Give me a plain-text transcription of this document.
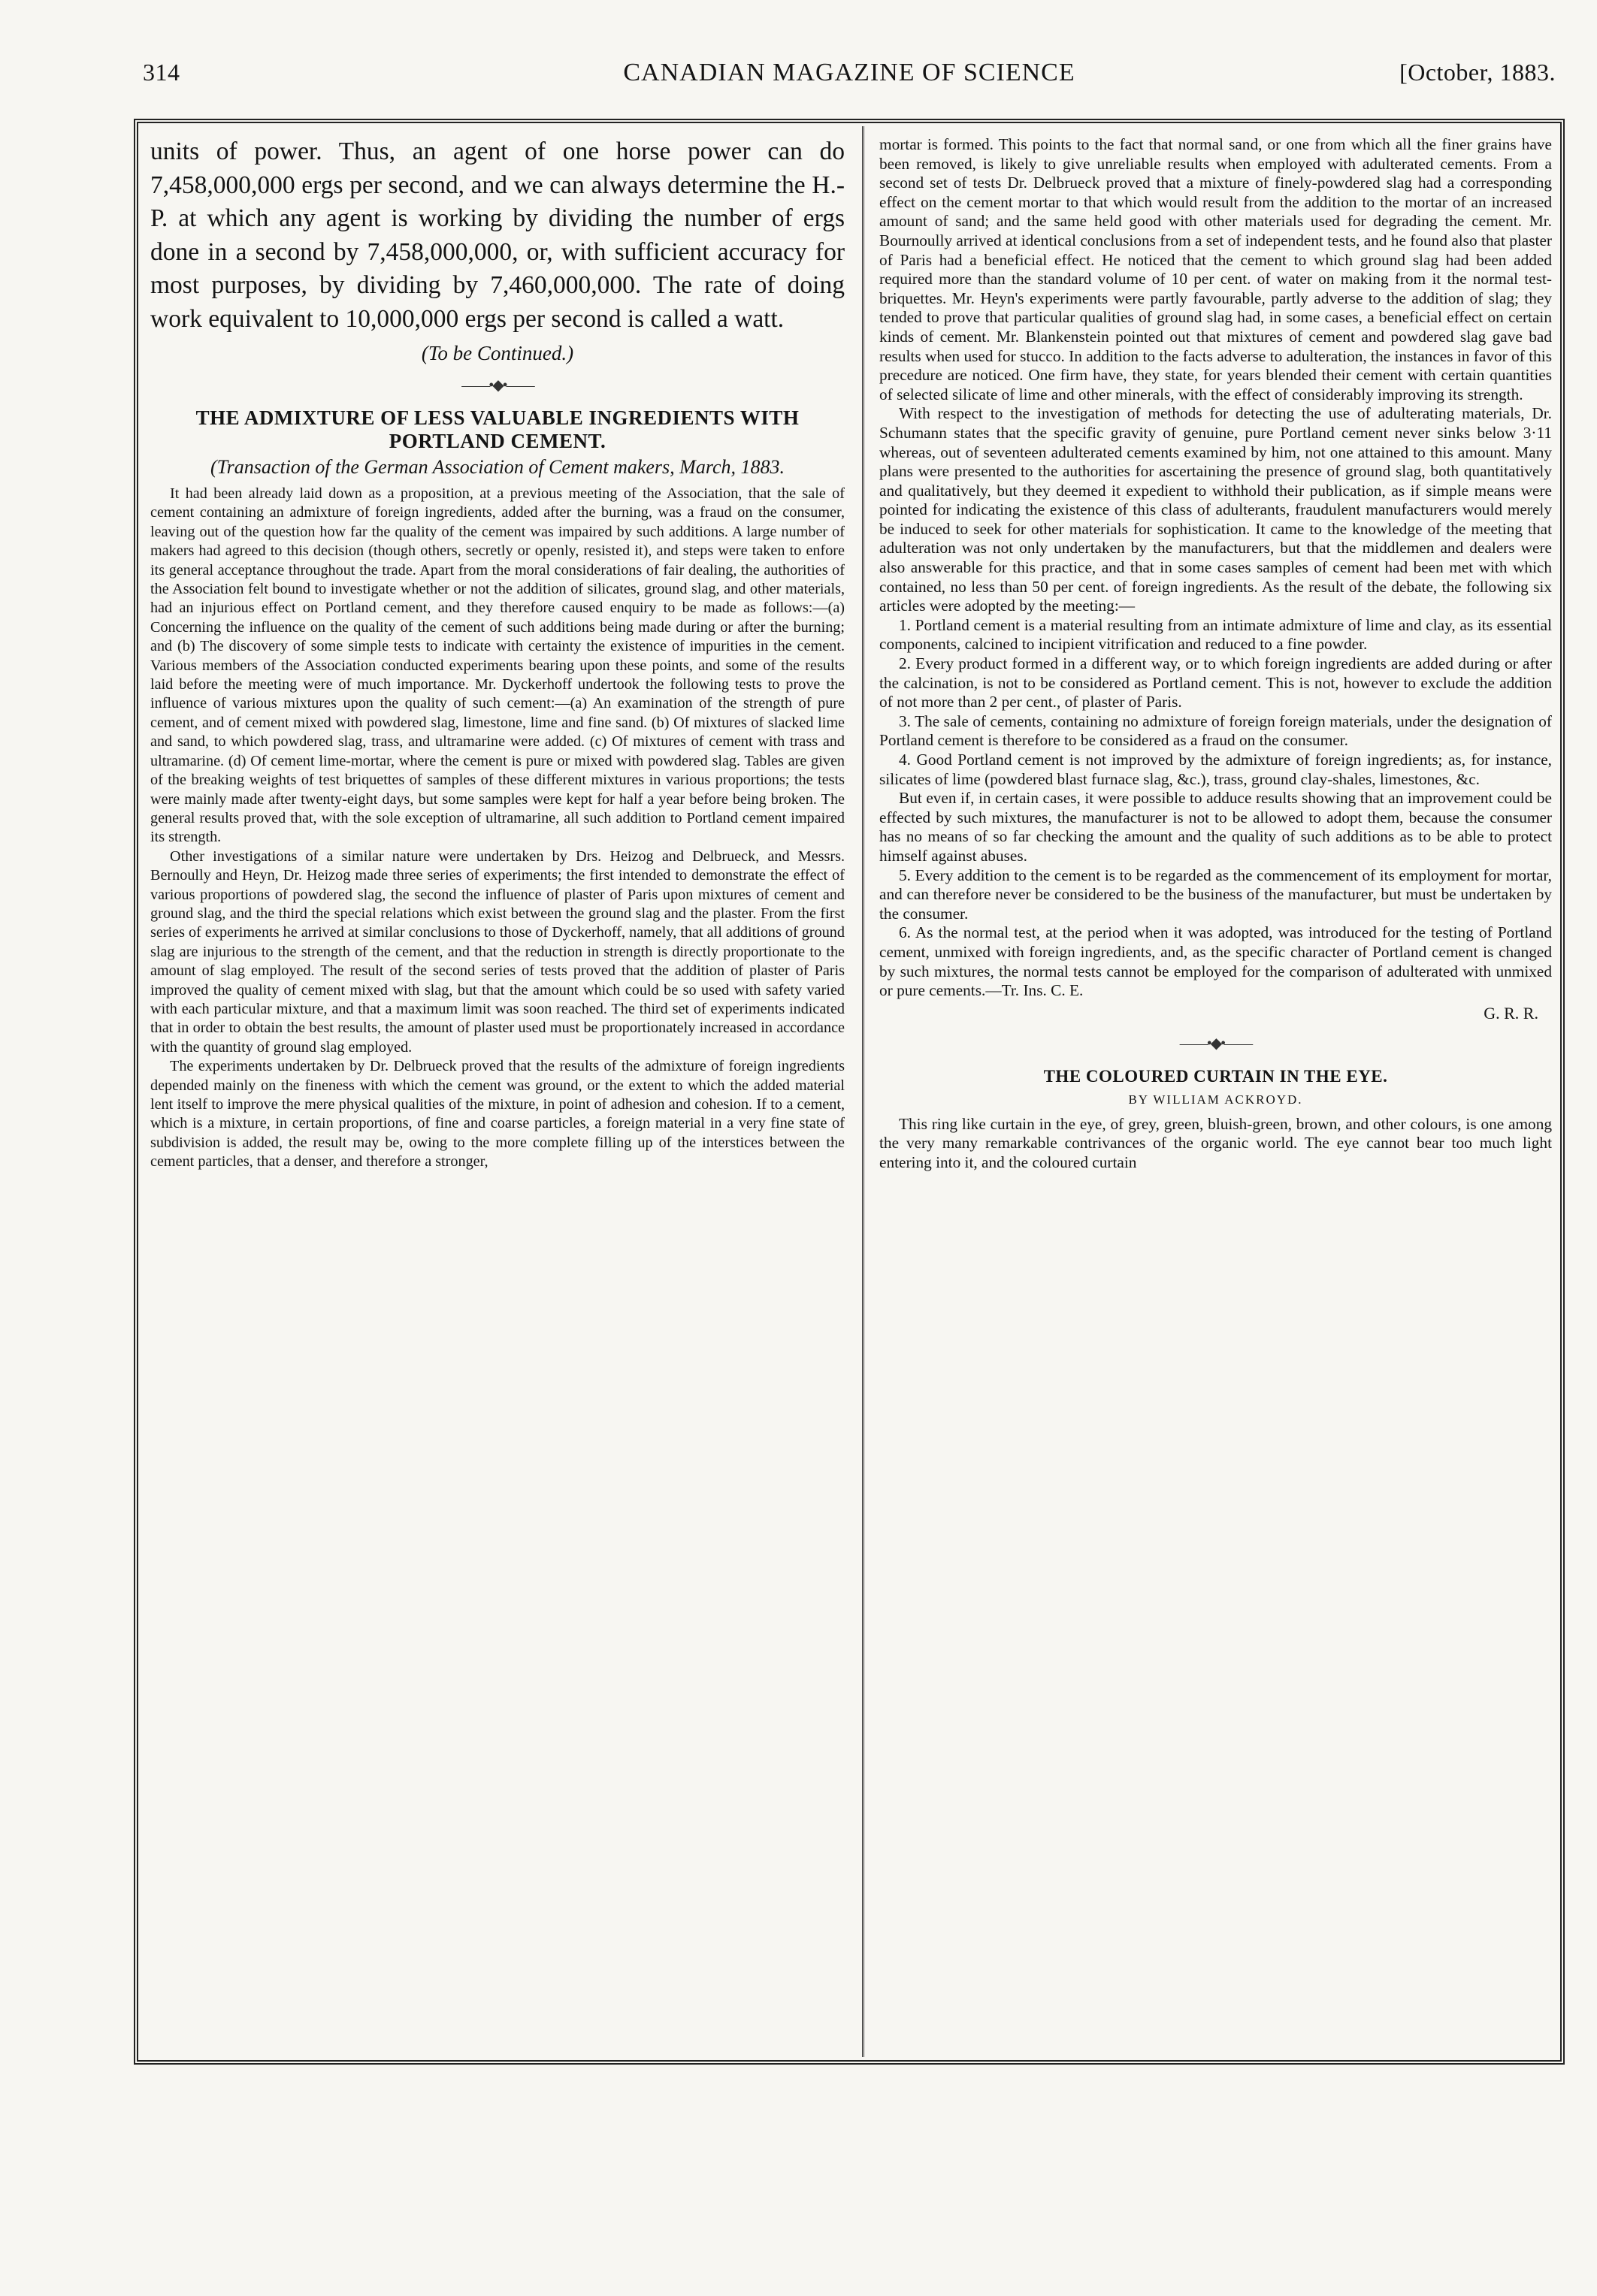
314	CANADIAN MAGAZINE OF SCIENCE	[October, 1883.

units of power. Thus, an agent of one horse power can do 7,458,000,000 ergs per second, and we can always determine the H.-P. at which any agent is working by dividing the number of ergs done in a second by 7,458,000,000, or, with sufficient accuracy for most purposes, by dividing by 7,460,000,000. The rate of doing work equivalent to 10,000,000 ergs per second is called a watt.

(To be Continued.)

——•◆•——
THE ADMIXTURE OF LESS VALUABLE INGREDIENTS WITH PORTLAND CEMENT.
(Transaction of the German Association of Cement makers, March, 1883.

It had been already laid down as a proposition, at a previous meeting of the Association, that the sale of cement containing an admixture of foreign ingredients, added after the burning, was a fraud on the consumer, leaving out of the question how far the quality of the cement was impaired by such additions. A large number of makers had agreed to this decision (though others, secretly or openly, resisted it), and steps were taken to enfore its general acceptance throughout the trade. Apart from the moral considerations of fair dealing, the authorities of the Association felt bound to investigate whether or not the addition of silicates, ground slag, and other materials, had an injurious effect on Portland cement, and they therefore caused enquiry to be made as follows:—(a) Concerning the influence on the quality of the cement of such additions being made during or after the burning; and (b) The discovery of some simple tests to indicate with certainty the existence of impurities in the cement. Various members of the Association conducted experiments bearing upon these points, and some of the results laid before the meeting were of much importance. Mr. Dyckerhoff undertook the following tests to prove the influence of various mixtures upon the quality of such cement:—(a) An examination of the strength of pure cement, and of cement mixed with powdered slag, limestone, lime and fine sand. (b) Of mixtures of slacked lime and sand, to which powdered slag, trass, and ultramarine were added. (c) Of mixtures of cement with trass and ultramarine. (d) Of cement lime-mortar, where the cement is pure or mixed with powdered slag. Tables are given of the breaking weights of test briquettes of samples of these different mixtures in various proportions; the tests were mainly made after twenty-eight days, but some samples were kept for half a year before being broken. The general results proved that, with the sole exception of ultramarine, all such addition to Portland cement impaired its strength.

Other investigations of a similar nature were undertaken by Drs. Heizog and Delbrueck, and Messrs. Bernoully and Heyn, Dr. Heizog made three series of experiments; the first intended to demonstrate the effect of various proportions of powdered slag, the second the influence of plaster of Paris upon mixtures of cement and ground slag, and the third the special relations which exist between the ground slag and the plaster. From the first series of experiments he arrived at similar conclusions to those of Dyckerhoff, namely, that all additions of ground slag are injurious to the strength of the cement, and that the reduction in strength is directly proportionate to the amount of slag employed. The result of the second series of tests proved that the addition of plaster of Paris improved the quality of cement mixed with slag, but that the amount which could be so used with safety varied with each particular mixture, and that a maximum limit was soon reached. The third set of experiments indicated that in order to obtain the best results, the amount of plaster used must be proportionately increased in accordance with the quantity of ground slag employed.

The experiments undertaken by Dr. Delbrueck proved that the results of the admixture of foreign ingredients depended mainly on the fineness with which the cement was ground, or the extent to which the added material lent itself to improve the mere physical qualities of the mixture, in point of adhesion and cohesion. If to a cement, which is a mixture, in certain proportions, of fine and coarse particles, a foreign material in a very fine state of subdivision is added, the result may be, owing to the more complete filling up of the interstices between the cement particles, that a denser, and therefore a stronger,

mortar is formed. This points to the fact that normal sand, or one from which all the finer grains have been removed, is likely to give unreliable results when employed with adulterated cements. From a second set of tests Dr. Delbrueck proved that a mixture of finely-powdered slag had a corresponding effect on the cement mortar to that which would result from the addition to the mortar of an increased amount of sand; and the same held good with other materials used for degrading the cement. Mr. Bournoully arrived at identical conclusions from a set of independent tests, and he found also that plaster of Paris had a beneficial effect. He noticed that the cement to which ground slag had been added required more than the standard volume of 10 per cent. of water on making from it the normal test-briquettes. Mr. Heyn's experiments were partly favourable, partly adverse to the addition of slag; they tended to prove that particular qualities of ground slag had, in some cases, a beneficial effect on certain kinds of cement. Mr. Blankenstein pointed out that mixtures of cement and powdered slag gave bad results when used for stucco. In addition to the facts adverse to adulteration, the instances in favor of this precedure are noticed. One firm have, they state, for years blended their cement with certain quantities of selected silicate of lime and other minerals, with the effect of considerably improving its strength.

With respect to the investigation of methods for detecting the use of adulterating materials, Dr. Schumann states that the specific gravity of genuine, pure Portland cement never sinks below 3·11 whereas, out of seventeen adulterated cements examined by him, not one attained to this amount. Many plans were presented to the authorities for ascertaining the presence of ground slag, both quantitatively and qualitatively, but they deemed it expedient to withhold their publication, as if simple means were pointed for indicating the existence of this class of adulterants, fraudulent manufacturers would merely be induced to seek for other materials for sophistication. It came to the knowledge of the meeting that adulteration was not only undertaken by the manufacturers, but that the middlemen and dealers were also answerable for this practice, and that in some cases samples of cement had been met with which contained, no less than 50 per cent. of foreign ingredients. As the result of the debate, the following six articles were adopted by the meeting:—

1. Portland cement is a material resulting from an intimate admixture of lime and clay, as its essential components, calcined to incipient vitrification and reduced to a fine powder.

2. Every product formed in a different way, or to which foreign ingredients are added during or after the calcination, is not to be considered as Portland cement. This is not, however to exclude the addition of not more than 2 per cent., of plaster of Paris.

3. The sale of cements, containing no admixture of foreign foreign materials, under the designation of Portland cement is therefore to be considered as a fraud on the consumer.

4. Good Portland cement is not improved by the admixture of foreign ingredients; as, for instance, silicates of lime (powdered blast furnace slag, &c.), trass, ground clay-shales, limestones, &c.

But even if, in certain cases, it were possible to adduce results showing that an improvement could be effected by such mixtures, the manufacturer is not to be allowed to adopt them, because the consumer has no means of so far checking the amount and the quality of such additions as to be able to protect himself against abuses.

5. Every addition to the cement is to be regarded as the commencement of its employment for mortar, and can therefore never be considered to be the business of the manufacturer, but must be undertaken by the consumer.

6. As the normal test, at the period when it was adopted, was introduced for the testing of Portland cement, unmixed with foreign ingredients, and, as the specific character of Portland cement is changed by such mixtures, the normal tests cannot be employed for the comparison of adulterated with unmixed or pure cements.—Tr. Ins. C. E.

G. R. R.
——•◆•——
THE COLOURED CURTAIN IN THE EYE.
BY WILLIAM ACKROYD.

This ring like curtain in the eye, of grey, green, bluish-green, brown, and other colours, is one among the very many remarkable contrivances of the organic world. The eye cannot bear too much light entering into it, and the coloured curtain
